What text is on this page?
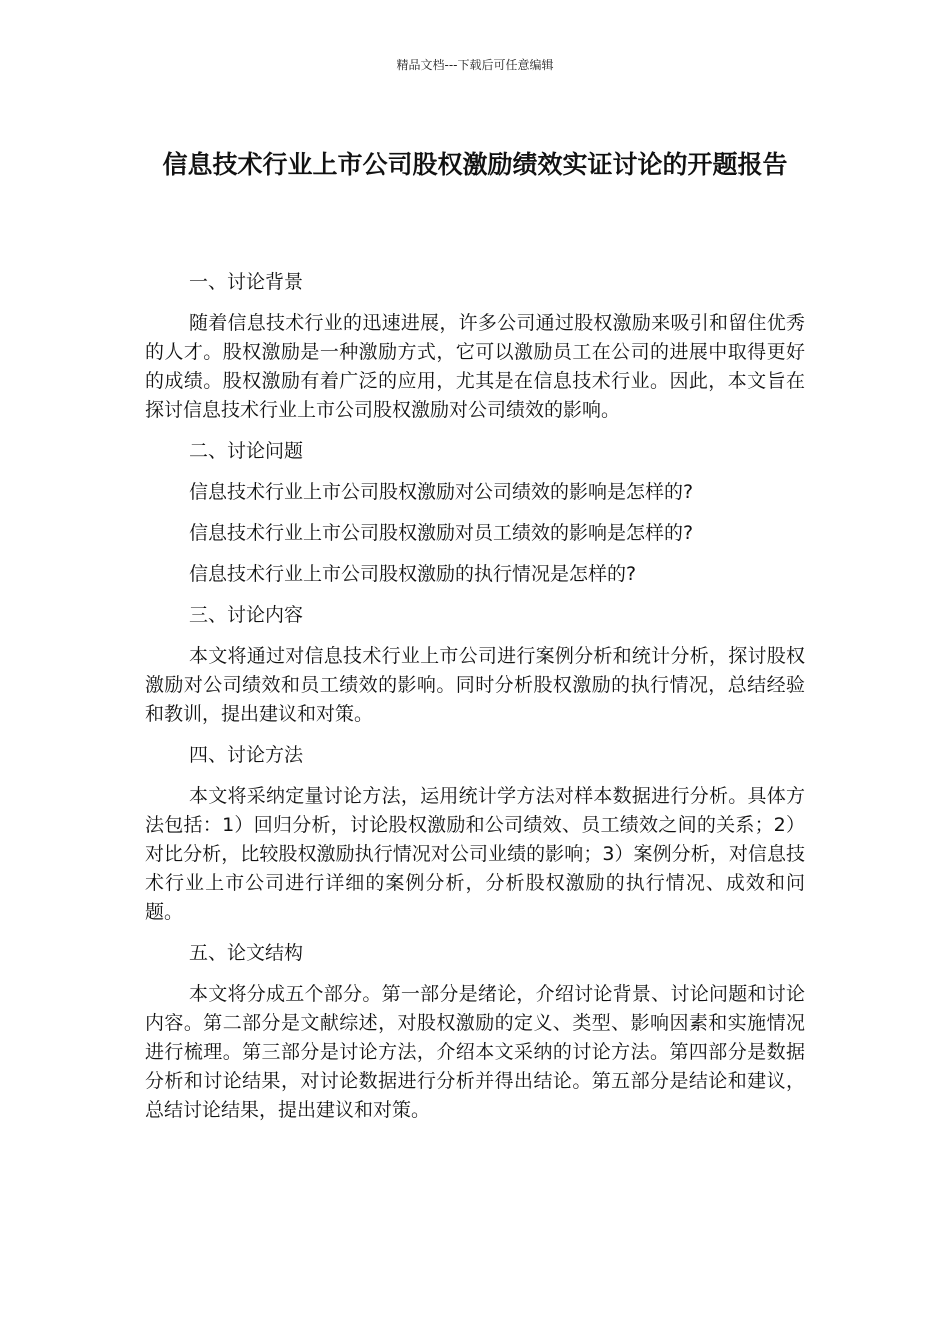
精品文档---下载后可任意编辑
信息技术行业上市公司股权激励绩效实证讨论的开题报告

一、讨论背景

随着信息技术行业的迅速进展，许多公司通过股权激励来吸引和留住优秀的人才。股权激励是一种激励方式，它可以激励员工在公司的进展中取得更好的成绩。股权激励有着广泛的应用，尤其是在信息技术行业。因此，本文旨在探讨信息技术行业上市公司股权激励对公司绩效的影响。

二、讨论问题

信息技术行业上市公司股权激励对公司绩效的影响是怎样的?

信息技术行业上市公司股权激励对员工绩效的影响是怎样的?

信息技术行业上市公司股权激励的执行情况是怎样的?

三、讨论内容

本文将通过对信息技术行业上市公司进行案例分析和统计分析，探讨股权激励对公司绩效和员工绩效的影响。同时分析股权激励的执行情况，总结经验和教训，提出建议和对策。

四、讨论方法

本文将采纳定量讨论方法，运用统计学方法对样本数据进行分析。具体方法包括：1）回归分析，讨论股权激励和公司绩效、员工绩效之间的关系；2）对比分析，比较股权激励执行情况对公司业绩的影响；3）案例分析，对信息技术行业上市公司进行详细的案例分析，分析股权激励的执行情况、成效和问题。

五、论文结构

本文将分成五个部分。第一部分是绪论，介绍讨论背景、讨论问题和讨论内容。第二部分是文献综述，对股权激励的定义、类型、影响因素和实施情况进行梳理。第三部分是讨论方法，介绍本文采纳的讨论方法。第四部分是数据分析和讨论结果，对讨论数据进行分析并得出结论。第五部分是结论和建议，总结讨论结果，提出建议和对策。
